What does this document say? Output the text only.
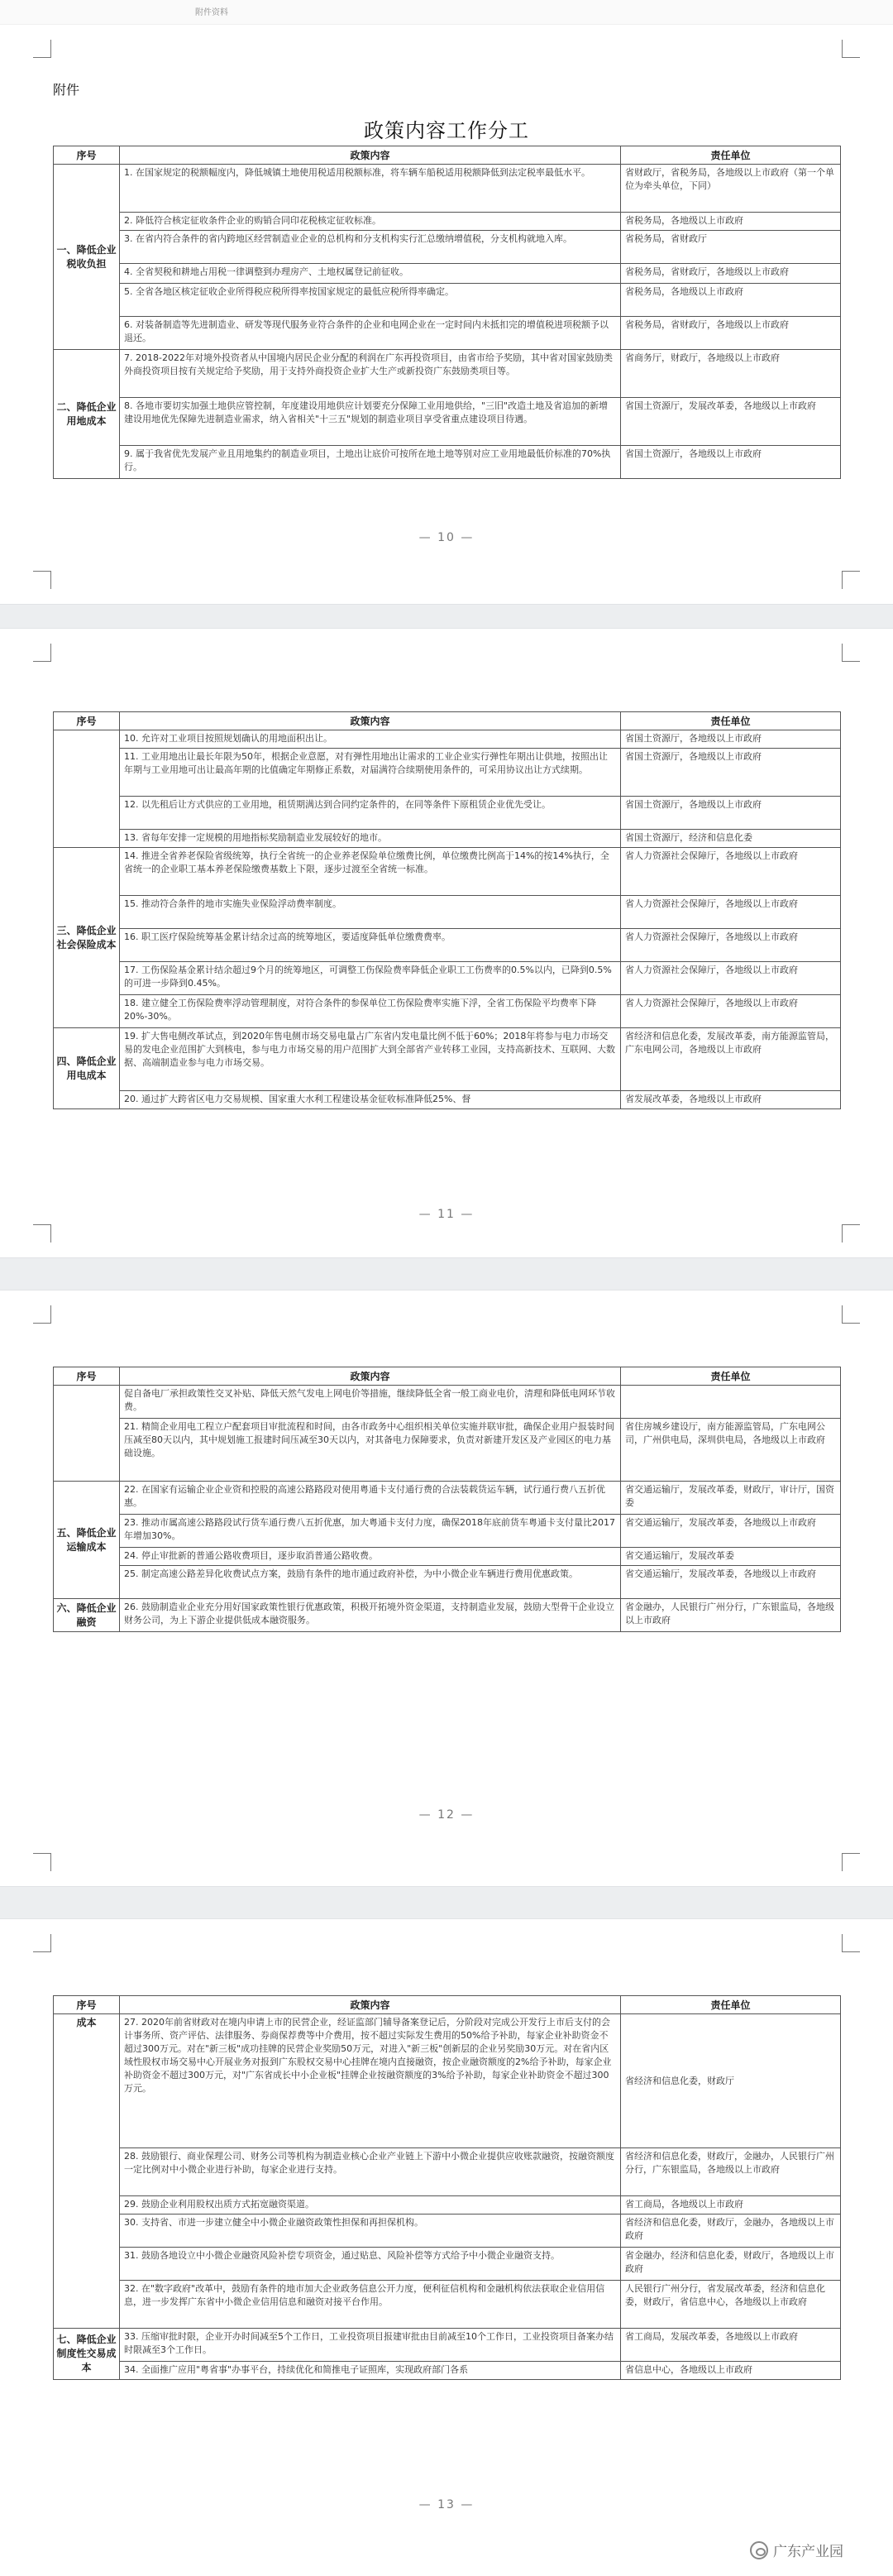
附件资料
附件
政策内容工作分工
序号	政策内容	责任单位
一、降低企业税收负担	1. 在国家规定的税额幅度内，降低城镇土地使用税适用税额标准，将车辆车船税适用税额降低到法定税率最低水平。	省财政厅，省税务局，各地级以上市政府（第一个单位为牵头单位，下同）
	2. 降低符合核定征收条件企业的购销合同印花税核定征收标准。	省税务局，各地级以上市政府
	3. 在省内符合条件的省内跨地区经营制造业企业的总机构和分支机构实行汇总缴纳增值税，分支机构就地入库。	省税务局，省财政厅
	4. 全省契税和耕地占用税一律调整到办理房产、土地权属登记前征收。	省税务局，省财政厅，各地级以上市政府
	5. 全省各地区核定征收企业所得税应税所得率按国家规定的最低应税所得率确定。	省税务局，各地级以上市政府
	6. 对装备制造等先进制造业、研发等现代服务业符合条件的企业和电网企业在一定时间内未抵扣完的增值税进项税额予以退还。	省税务局，省财政厅，各地级以上市政府
二、降低企业用地成本	7. 2018-2022年对境外投资者从中国境内居民企业分配的利润在广东再投资项目，由省市给予奖励，其中省对国家鼓励类外商投资项目按有关规定给予奖励，用于支持外商投资企业扩大生产或新投资广东鼓励类项目等。	省商务厅，财政厅，各地级以上市政府
	8. 各地市要切实加强土地供应管控制，年度建设用地供应计划要充分保障工业用地供给，"三旧"改造土地及省追加的新增建设用地优先保障先进制造业需求，纳入省相关"十三五"规划的制造业项目享受省重点建设项目待遇。	省国土资源厅，发展改革委，各地级以上市政府
	9. 属于我省优先发展产业且用地集约的制造业项目，土地出让底价可按所在地土地等别对应工业用地最低价标准的70%执行。	省国土资源厅，各地级以上市政府
— 10 —
序号	政策内容	责任单位
	10. 允许对工业项目按照规划确认的用地面积出让。	省国土资源厅，各地级以上市政府
	11. 工业用地出让最长年限为50年，根据企业意愿，对有弹性用地出让需求的工业企业实行弹性年期出让供地，按照出让年期与工业用地可出让最高年期的比值确定年期修正系数，对届满符合续期使用条件的，可采用协议出让方式续期。	省国土资源厅，各地级以上市政府
	12. 以先租后让方式供应的工业用地，租赁期满达到合同约定条件的，在同等条件下原租赁企业优先受让。	省国土资源厅，各地级以上市政府
	13. 省每年安排一定规模的用地指标奖励制造业发展较好的地市。	省国土资源厅，经济和信息化委
三、降低企业社会保险成本	14. 推进全省养老保险省级统筹，执行全省统一的企业养老保险单位缴费比例，单位缴费比例高于14%的按14%执行，全省统一的企业职工基本养老保险缴费基数上下限，逐步过渡至全省统一标准。	省人力资源社会保障厅，各地级以上市政府
	15. 推动符合条件的地市实施失业保险浮动费率制度。	省人力资源社会保障厅，各地级以上市政府
	16. 职工医疗保险统筹基金累计结余过高的统筹地区，要适度降低单位缴费费率。	省人力资源社会保障厅，各地级以上市政府
	17. 工伤保险基金累计结余超过9个月的统筹地区，可调整工伤保险费率降低企业职工工伤费率的0.5%以内，已降到0.5%的可进一步降到0.45%。	省人力资源社会保障厅，各地级以上市政府
	18. 建立健全工伤保险费率浮动管理制度，对符合条件的参保单位工伤保险费率实施下浮，全省工伤保险平均费率下降20%-30%。	省人力资源社会保障厅，各地级以上市政府
四、降低企业用电成本	19. 扩大售电侧改革试点，到2020年售电侧市场交易电量占广东省内发电量比例不低于60%；2018年将参与电力市场交易的发电企业范围扩大到核电，参与电力市场交易的用户范围扩大到全部省产业转移工业园，支持高新技术、互联网、大数据、高端制造业参与电力市场交易。	省经济和信息化委，发展改革委，南方能源监管局，广东电网公司，各地级以上市政府
	20. 通过扩大跨省区电力交易规模、国家重大水利工程建设基金征收标准降低25%、督	省发展改革委，各地级以上市政府
— 11 —
序号	政策内容	责任单位
	促自备电厂承担政策性交叉补贴、降低天然气发电上网电价等措施，继续降低全省一般工商业电价，清理和降低电网环节收费。	
	21. 精简企业用电工程立户配套项目审批流程和时间，由各市政务中心组织相关单位实施并联审批，确保企业用户报装时间压减至80天以内，其中规划施工报建时间压减至30天以内，对其备电力保障要求，负责对新建开发区及产业园区的电力基础设施。	省住房城乡建设厅，南方能源监管局，广东电网公司，广州供电局，深圳供电局，各地级以上市政府
五、降低企业运输成本	22. 在国家有运输企业企业资和控股的高速公路路段对使用粤通卡支付通行费的合法装载货运车辆，试行通行费八五折优惠。	省交通运输厅，发展改革委，财政厅，审计厅，国资委
	23. 推动市属高速公路路段试行货车通行费八五折优惠，加大粤通卡支付力度，确保2018年底前货车粤通卡支付量比2017年增加30%。	省交通运输厅，发展改革委，各地级以上市政府
	24. 停止审批新的普通公路收费项目，逐步取消普通公路收费。	省交通运输厅，发展改革委
	25. 制定高速公路差异化收费试点方案，鼓励有条件的地市通过政府补偿，为中小微企业车辆进行费用优惠政策。	省交通运输厅，发展改革委，各地级以上市政府
六、降低企业融资	26. 鼓励制造业企业充分用好国家政策性银行优惠政策，积极开拓境外资金渠道，支持制造业发展，鼓励大型骨干企业设立财务公司，为上下游企业提供低成本融资服务。	省金融办，人民银行广州分行，广东银监局，各地级以上市政府
— 12 —
序号	政策内容	责任单位
成本	27. 2020年前省财政对在境内申请上市的民营企业，经证监部门辅导备案登记后，分阶段对完成公开发行上市后支付的会计事务所、资产评估、法律服务、券商保荐费等中介费用，按不超过实际发生费用的50%给予补助，每家企业补助资金不超过300万元。对在"新三板"成功挂牌的民营企业奖励50万元，对进入"新三板"创新层的企业另奖励30万元。对在省内区域性股权市场交易中心开展业务对报到广东股权交易中心挂牌在境内直接融资，按企业融资额度的2%给予补助，每家企业补助资金不超过300万元，对"广东省成长中小企业板"挂牌企业按融资额度的3%给予补助，每家企业补助资金不超过300万元。	省经济和信息化委，财政厅
	28. 鼓励银行、商业保理公司、财务公司等机构为制造业核心企业产业链上下游中小微企业提供应收账款融资，按融资额度一定比例对中小微企业进行补助，每家企业进行支持。	省经济和信息化委，财政厅，金融办，人民银行广州分行，广东银监局，各地级以上市政府
	29. 鼓励企业利用股权出质方式拓宽融资渠道。	省工商局，各地级以上市政府
	30. 支持省、市进一步建立健全中小微企业融资政策性担保和再担保机构。	省经济和信息化委，财政厅，金融办，各地级以上市政府
	31. 鼓励各地设立中小微企业融资风险补偿专项资金，通过贴息、风险补偿等方式给予中小微企业融资支持。	省金融办，经济和信息化委，财政厅，各地级以上市政府
	32. 在"数字政府"改革中，鼓励有条件的地市加大企业政务信息公开力度，便利征信机构和金融机构依法获取企业信用信息，进一步发挥广东省中小微企业信用信息和融资对接平台作用。	人民银行广州分行，省发展改革委，经济和信息化委，财政厅，省信息中心，各地级以上市政府
七、降低企业制度性交易成本	33. 压缩审批时限，企业开办时间减至5个工作日，工业投资项目报建审批由目前减至10个工作日，工业投资项目备案办结时限减至3个工作日。	省工商局，发展改革委，各地级以上市政府
	34. 全面推广应用"粤省事"办事平台，持续优化和简推电子证照库，实现政府部门各系	省信息中心，各地级以上市政府
— 13 —
广东产业园
